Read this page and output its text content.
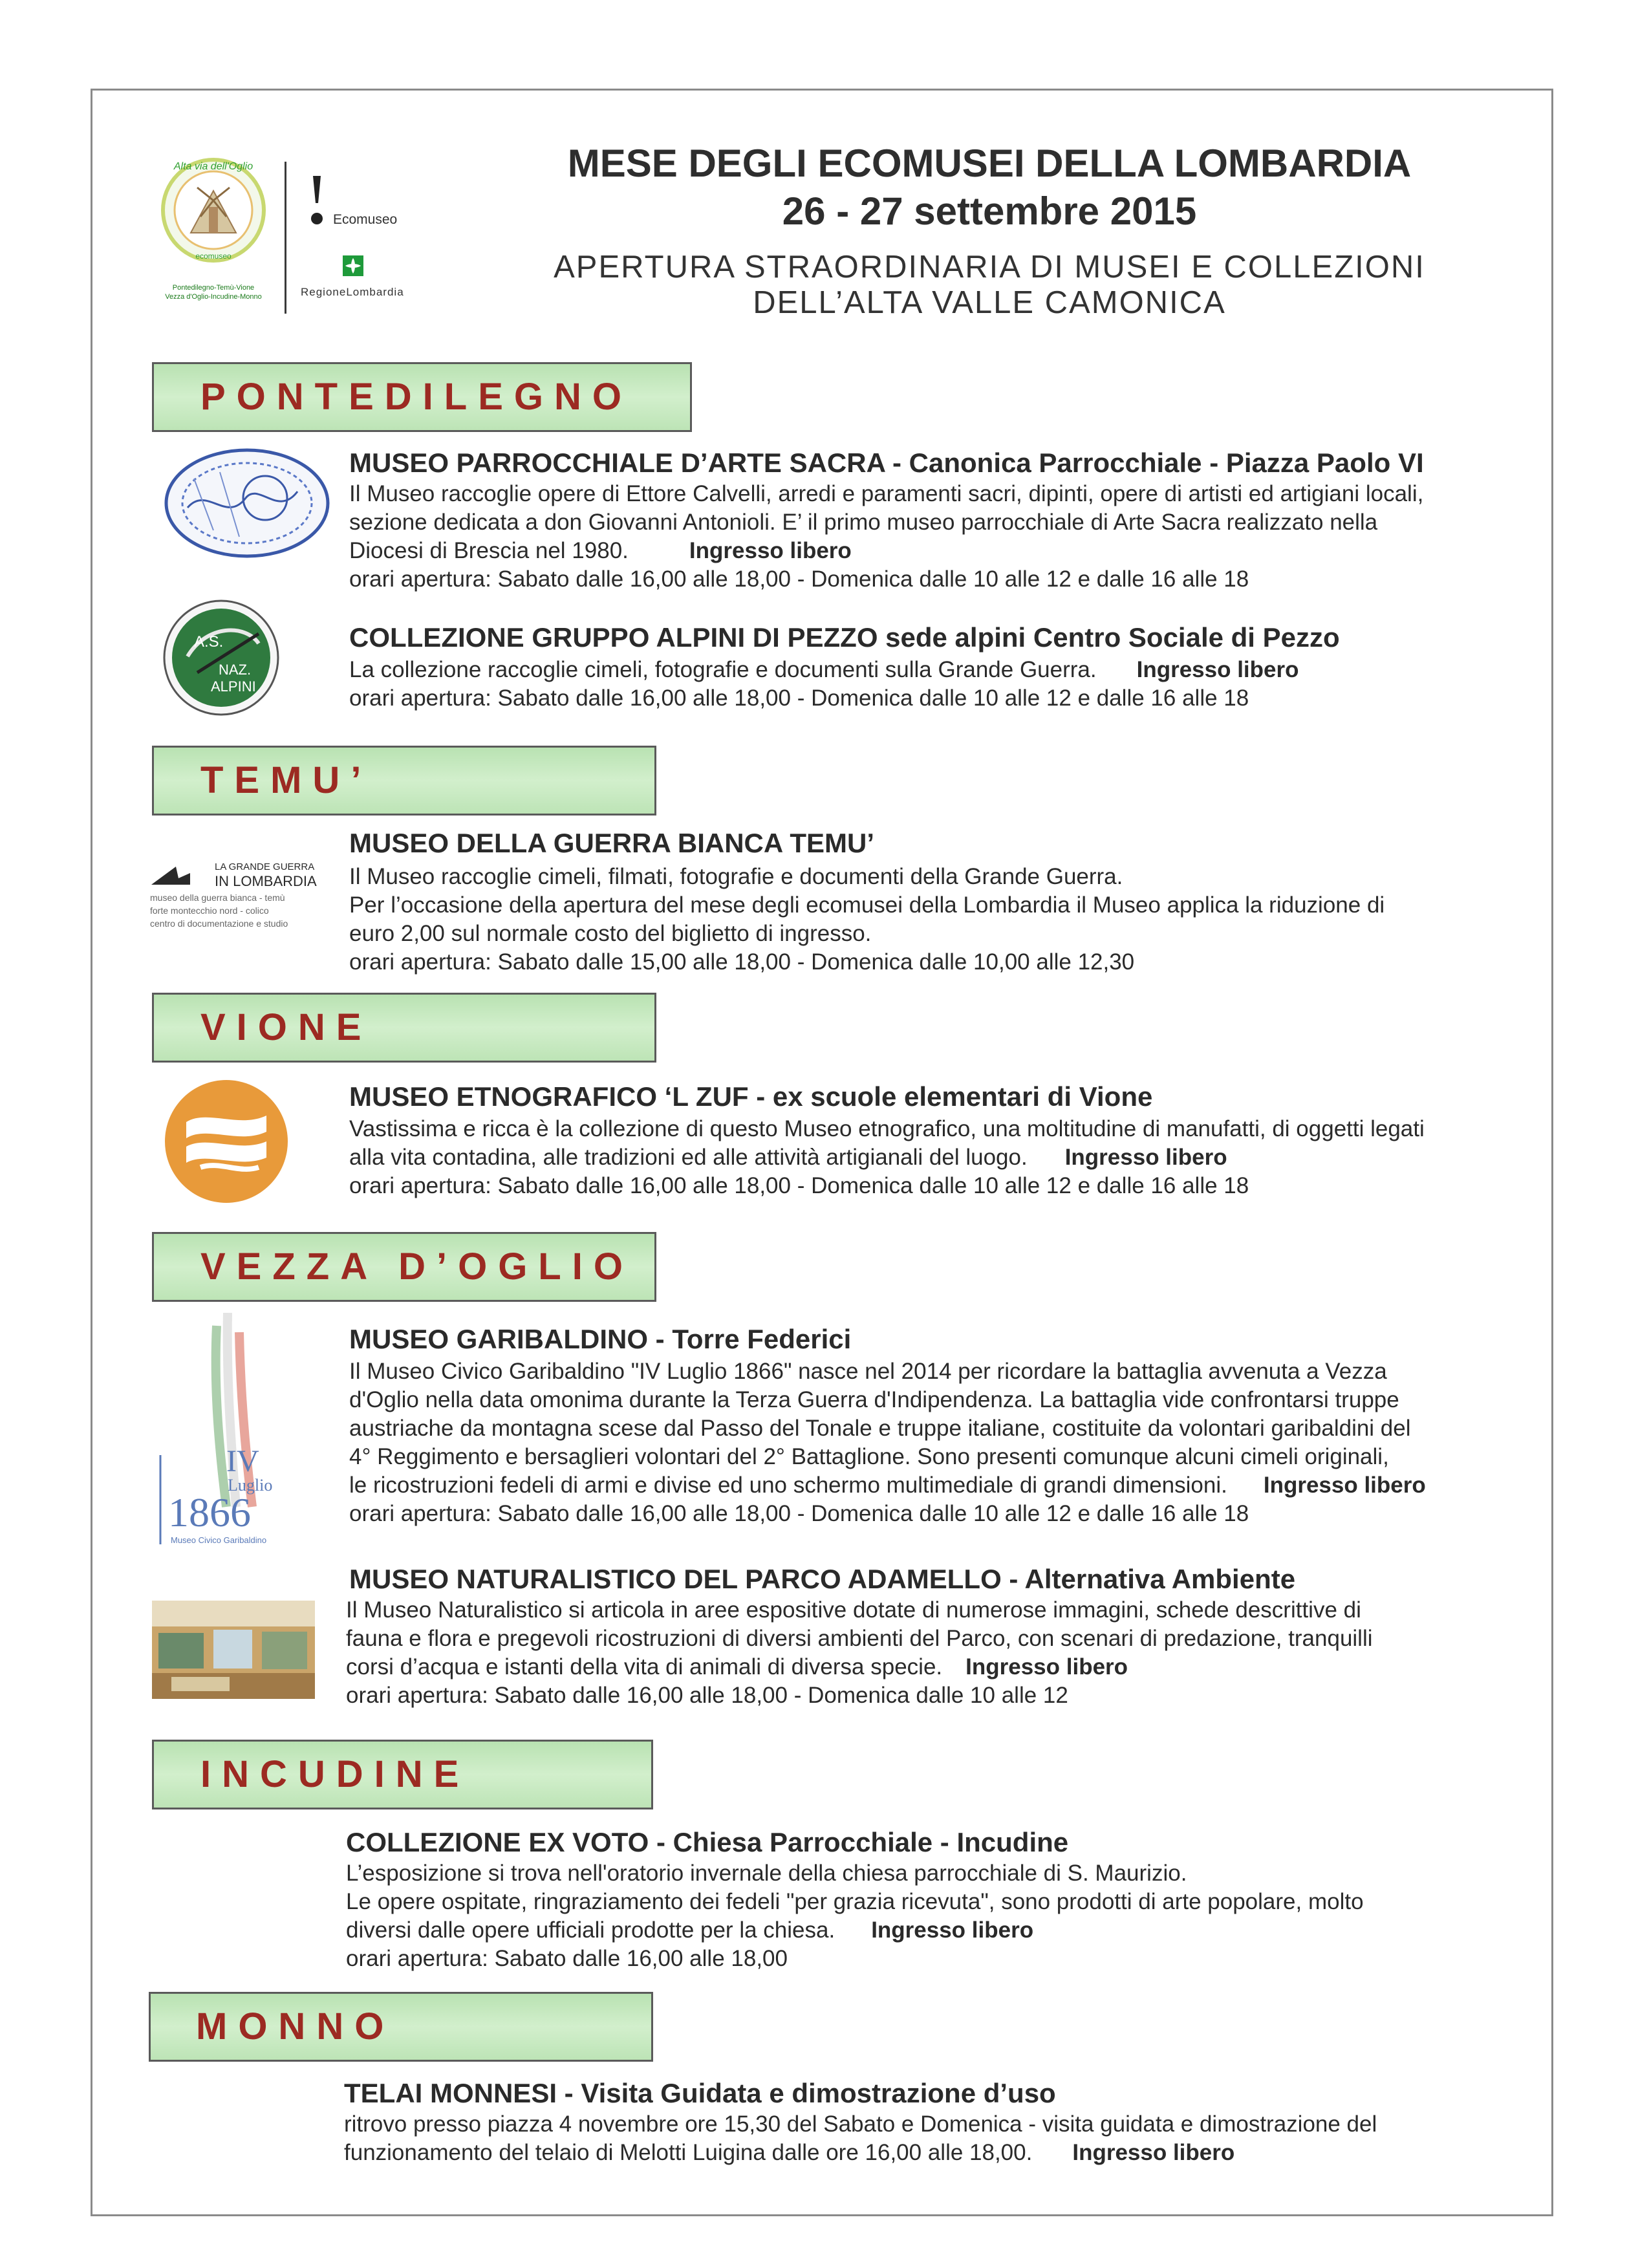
Alta via dell'Oglio
ecomuseo
Pontedilegno-Temù-Vione
Vezza d'Oglio-Incudine-Monno
Ecomuseo
RegioneLombardia
MESE DEGLI ECOMUSEI DELLA LOMBARDIA
26 - 27 settembre 2015
APERTURA STRAORDINARIA DI MUSEI E COLLEZIONI
DELL’ALTA VALLE CAMONICA
PONTEDILEGNO
MUSEO PARROCCHIALE D’ARTE SACRA - Canonica Parrocchiale - Piazza Paolo VI
Il Museo raccoglie opere di Ettore Calvelli, arredi e paramenti sacri, dipinti, opere di artisti ed artigiani locali,
sezione dedicata a don Giovanni Antonioli. E’ il primo museo parrocchiale di Arte Sacra realizzato nella
Diocesi di Brescia nel 1980.	Ingresso libero
orari apertura: Sabato dalle 16,00 alle 18,00 - Domenica dalle 10 alle 12 e dalle 16 alle 18
A.S.
NAZ.
ALPINI
COLLEZIONE GRUPPO ALPINI DI PEZZO sede alpini Centro Sociale di Pezzo
La collezione raccoglie cimeli, fotografie e documenti sulla Grande Guerra. Ingresso libero
orari apertura: Sabato dalle 16,00 alle 18,00 - Domenica dalle 10 alle 12 e dalle 16 alle 18
TEMU’
LA GRANDE GUERRA
IN LOMBARDIA
museo della guerra bianca - temù
forte montecchio nord - colico
centro di documentazione e studio
MUSEO DELLA GUERRA BIANCA TEMU’
Il Museo raccoglie cimeli, filmati, fotografie e documenti della Grande Guerra.
Per l’occasione della apertura del mese degli ecomusei della Lombardia il Museo applica la riduzione di
euro 2,00 sul normale costo del biglietto di ingresso.
orari apertura: Sabato dalle 15,00 alle 18,00 - Domenica dalle 10,00 alle 12,30
VIONE
MUSEO ETNOGRAFICO ‘L ZUF - ex scuole elementari di Vione
Vastissima e ricca è la collezione di questo Museo etnografico, una moltitudine di manufatti, di oggetti legati
alla vita contadina, alle tradizioni ed alle attività artigianali del luogo. Ingresso libero
orari apertura: Sabato dalle 16,00 alle 18,00 - Domenica dalle 10 alle 12 e dalle 16 alle 18
VEZZA D’OGLIO
IV
Luglio
1866
Museo Civico Garibaldino
MUSEO GARIBALDINO - Torre Federici
Il Museo Civico Garibaldino "IV Luglio 1866" nasce nel 2014 per ricordare la battaglia avvenuta a Vezza
d'Oglio nella data omonima durante la Terza Guerra d'Indipendenza. La battaglia vide confrontarsi truppe
austriache da montagna scese dal Passo del Tonale e truppe italiane, costituite da volontari garibaldini del
4° Reggimento e bersaglieri volontari del 2° Battaglione. Sono presenti comunque alcuni cimeli originali,
le ricostruzioni fedeli di armi e divise ed uno schermo multimediale di grandi dimensioni. Ingresso libero
orari apertura: Sabato dalle 16,00 alle 18,00 - Domenica dalle 10 alle 12 e dalle 16 alle 18
MUSEO NATURALISTICO DEL PARCO ADAMELLO - Alternativa Ambiente
Il Museo Naturalistico si articola in aree espositive dotate di numerose immagini, schede descrittive di
fauna e flora e pregevoli ricostruzioni di diversi ambienti del Parco, con scenari di predazione, tranquilli
corsi d’acqua e istanti della vita di animali di diversa specie. Ingresso libero
orari apertura: Sabato dalle 16,00 alle 18,00 - Domenica dalle 10 alle 12
INCUDINE
COLLEZIONE EX VOTO - Chiesa Parrocchiale - Incudine
L’esposizione si trova nell'oratorio invernale della chiesa parrocchiale di S. Maurizio.
Le opere ospitate, ringraziamento dei fedeli "per grazia ricevuta", sono prodotti di arte popolare, molto
diversi dalle opere ufficiali prodotte per la chiesa. Ingresso libero
orari apertura: Sabato dalle 16,00 alle 18,00
MONNO
TELAI MONNESI - Visita Guidata e dimostrazione d’uso
ritrovo presso piazza 4 novembre ore 15,30 del Sabato e Domenica - visita guidata e dimostrazione del
funzionamento del telaio di Melotti Luigina dalle ore 16,00 alle 18,00. Ingresso libero
